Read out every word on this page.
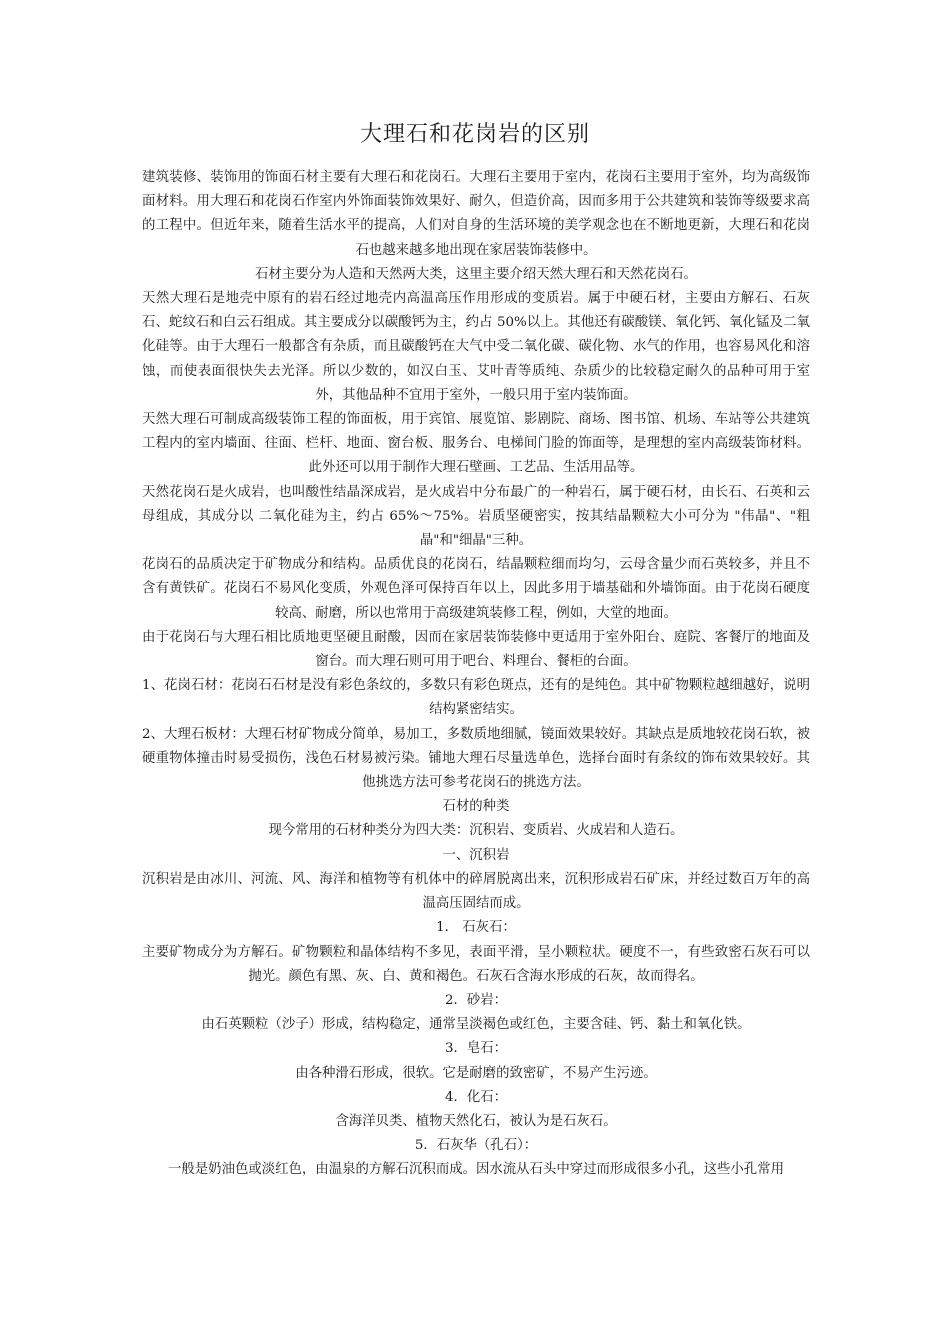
大理石和花岗岩的区别

建筑装修、装饰用的饰面石材主要有大理石和花岗石。大理石主要用于室内，花岗石主要用于室外，均为高级饰面材料。用大理石和花岗石作室内外饰面装饰效果好、耐久，但造价高，因而多用于公共建筑和装饰等级要求高的工程中。但近年来，随着生活水平的提高，人们对自身的生活环境的美学观念也在不断地更新，大理石和花岗石也越来越多地出现在家居装饰装修中。

石材主要分为人造和天然两大类，这里主要介绍天然大理石和天然花岗石。

天然大理石是地壳中原有的岩石经过地壳内高温高压作用形成的变质岩。属于中硬石材，主要由方解石、石灰石、蛇纹石和白云石组成。其主要成分以碳酸钙为主，约占 50%以上。其他还有碳酸镁、氧化钙、氧化锰及二氧化硅等。由于大理石一般都含有杂质，而且碳酸钙在大气中受二氧化碳、碳化物、水气的作用，也容易风化和溶蚀，而使表面很快失去光泽。所以少数的，如汉白玉、艾叶青等质纯、杂质少的比较稳定耐久的品种可用于室外，其他品种不宜用于室外，一般只用于室内装饰面。

天然大理石可制成高级装饰工程的饰面板，用于宾馆、展览馆、影剧院、商场、图书馆、机场、车站等公共建筑工程内的室内墙面、往面、栏杆、地面、窗台板、服务台、电梯间门脸的饰面等，是理想的室内高级装饰材料。此外还可以用于制作大理石壁画、工艺品、生活用品等。

天然花岗石是火成岩，也叫酸性结晶深成岩，是火成岩中分布最广的一种岩石，属于硬石材，由长石、石英和云母组成，其成分以 二氧化硅为主，约占 65%～75%。岩质坚硬密实，按其结晶颗粒大小可分为 "伟晶"、"粗晶"和"细晶"三种。

花岗石的品质决定于矿物成分和结构。品质优良的花岗石，结晶颗粒细而均匀，云母含量少而石英较多，并且不含有黄铁矿。花岗石不易风化变质，外观色泽可保持百年以上，因此多用于墙基础和外墙饰面。由于花岗石硬度较高、耐磨，所以也常用于高级建筑装修工程，例如，大堂的地面。

由于花岗石与大理石相比质地更坚硬且耐酸，因而在家居装饰装修中更适用于室外阳台、庭院、客餐厅的地面及窗台。而大理石则可用于吧台、料理台、餐柜的台面。

1、花岗石材：花岗石石材是没有彩色条纹的，多数只有彩色斑点，还有的是纯色。其中矿物颗粒越细越好，说明结构紧密结实。

2、大理石板材：大理石材矿物成分简单，易加工，多数质地细腻，镜面效果较好。其缺点是质地较花岗石软，被硬重物体撞击时易受损伤，浅色石材易被污染。铺地大理石尽量选单色，选择台面时有条纹的饰布效果较好。其他挑选方法可参考花岗石的挑选方法。

石材的种类

现今常用的石材种类分为四大类：沉积岩、变质岩、火成岩和人造石。

一、沉积岩

沉积岩是由冰川、河流、风、海洋和植物等有机体中的碎屑脱离出来，沉积形成岩石矿床，并经过数百万年的高温高压固结而成。

1． 石灰石：

主要矿物成分为方解石。矿物颗粒和晶体结构不多见，表面平滑，呈小颗粒状。硬度不一，有些致密石灰石可以抛光。颜色有黑、灰、白、黄和褐色。石灰石含海水形成的石灰，故而得名。

2．砂岩：

由石英颗粒（沙子）形成，结构稳定，通常呈淡褐色或红色，主要含硅、钙、黏土和氧化铁。

3．皂石：

由各种滑石形成，很软。它是耐磨的致密矿，不易产生污迹。

4．化石：

含海洋贝类、植物天然化石，被认为是石灰石。

5．石灰华（孔石）：

一般是奶油色或淡红色，由温泉的方解石沉积而成。因水流从石头中穿过而形成很多小孔，这些小孔常用
